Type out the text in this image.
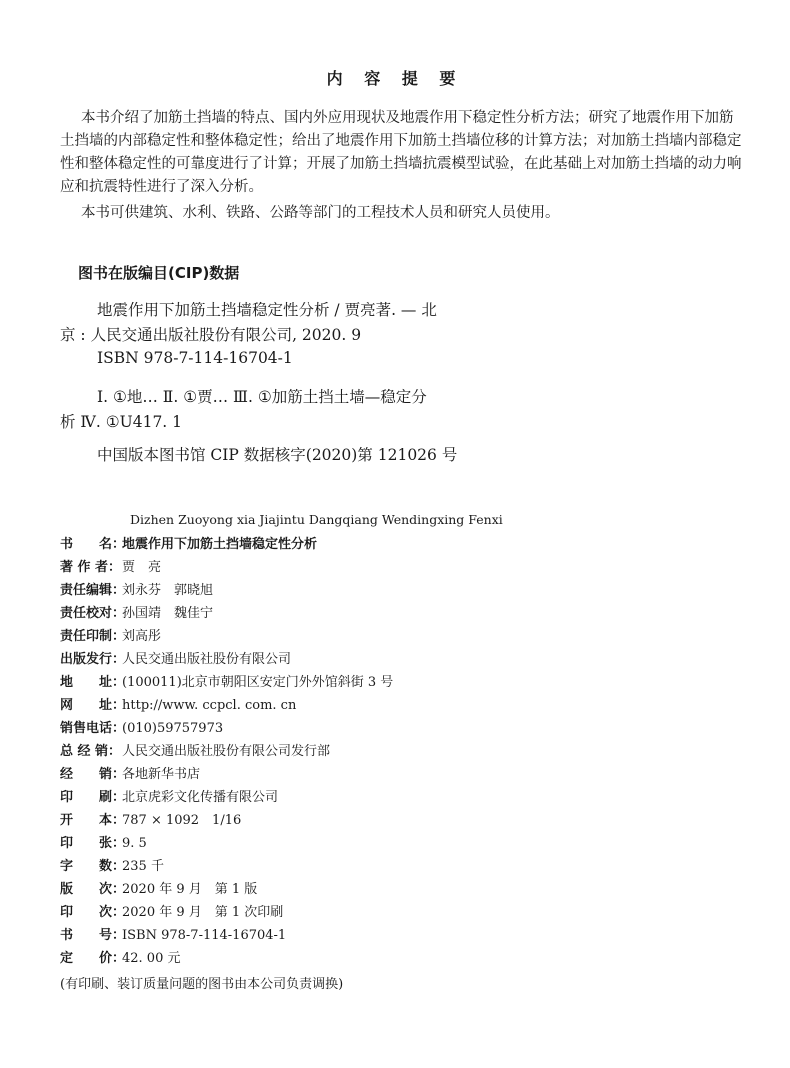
内 容 提 要
本书介绍了加筋土挡墙的特点、国内外应用现状及地震作用下稳定性分析方法；研究了地震作用下加筋
土挡墙的内部稳定性和整体稳定性；给出了地震作用下加筋土挡墙位移的计算方法；对加筋土挡墙内部稳定
性和整体稳定性的可靠度进行了计算；开展了加筋土挡墙抗震模型试验，在此基础上对加筋土挡墙的动力响
应和抗震特性进行了深入分析。
本书可供建筑、水利、铁路、公路等部门的工程技术人员和研究人员使用。
图书在版编目(CIP)数据
地震作用下加筋土挡墙稳定性分析 / 贾亮著. — 北
京 : 人民交通出版社股份有限公司, 2020. 9
ISBN 978-7-114-16704-1
Ⅰ. ①地… Ⅱ. ①贾… Ⅲ. ①加筋土挡土墙—稳定分
析 Ⅳ. ①U417. 1
中国版本图书馆 CIP 数据核字(2020)第 121026 号
Dizhen Zuoyong xia Jiajintu Dangqiang Wendingxing Fenxi
书　　名：地震作用下加筋土挡墙稳定性分析
著 作 者：贾　亮
责任编辑：刘永芬　郭晓旭
责任校对：孙国靖　魏佳宁
责任印制：刘高彤
出版发行：人民交通出版社股份有限公司
地　　址：(100011)北京市朝阳区安定门外外馆斜街 3 号
网　　址：http://www. ccpcl. com. cn
销售电话：(010)59757973
总 经 销：人民交通出版社股份有限公司发行部
经　　销：各地新华书店
印　　刷：北京虎彩文化传播有限公司
开　　本：787 × 1092　1/16
印　　张：9. 5
字　　数：235 千
版　　次：2020 年 9 月　第 1 版
印　　次：2020 年 9 月　第 1 次印刷
书　　号：ISBN 978-7-114-16704-1
定　　价：42. 00 元
(有印刷、装订质量问题的图书由本公司负责调换)
